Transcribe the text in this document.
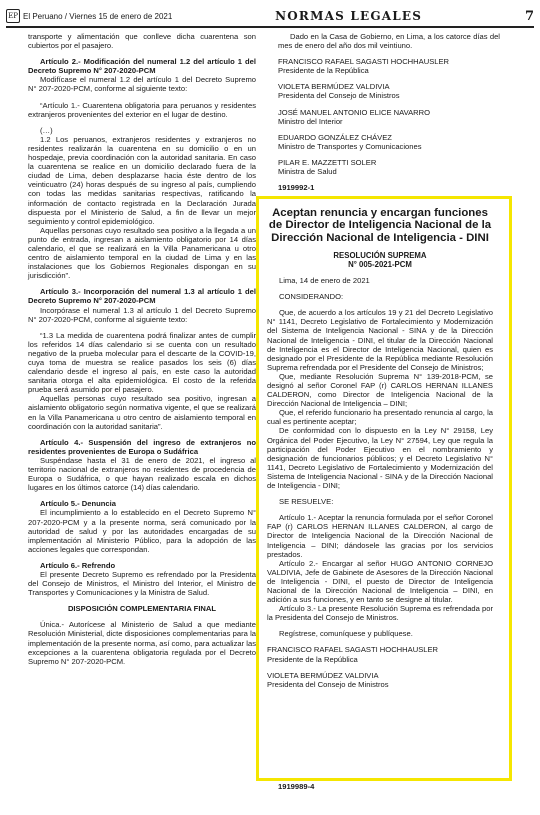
EP El Peruano / Viernes 15 de enero de 2021	NORMAS LEGALES	7

transporte y alimentación que conlleve dicha cuarentena son cubiertos por el pasajero.

Artículo 2.- Modificación del numeral 1.2 del artículo 1 del Decreto Supremo N° 207-2020-PCM

Modifícase el numeral 1.2 del artículo 1 del Decreto Supremo N° 207-2020-PCM, conforme al siguiente texto:

“Artículo 1.- Cuarentena obligatoria para peruanos y residentes extranjeros provenientes del exterior en el lugar de destino.

(…)

1.2 Los peruanos, extranjeros residentes y extranjeros no residentes realizarán la cuarentena en su domicilio o en un hospedaje, previa coordinación con la autoridad sanitaria. En caso la cuarentena se realice en un domicilio declarado fuera de la ciudad de Lima, deben desplazarse hacia éste dentro de los veinticuatro (24) horas después de su ingreso al país, cumpliendo con todas las medidas sanitarias respectivas, ratificando la información de contacto registrada en la Declaración Jurada dispuesta por el Ministerio de Salud, a fin de llevar un mejor seguimiento y control epidemiológico.

Aquellas personas cuyo resultado sea positivo a la llegada a un punto de entrada, ingresan a aislamiento obligatorio por 14 días calendario, el que se realizará en la Villa Panamericana u otro centro de aislamiento temporal en la ciudad de Lima y en las instalaciones que los Gobiernos Regionales dispongan en su jurisdicción”.

Artículo 3.- Incorporación del numeral 1.3 al artículo 1 del Decreto Supremo N° 207-2020-PCM

Incorpórase el numeral 1.3 al artículo 1 del Decreto Supremo N° 207-2020-PCM, conforme al siguiente texto:

“1.3 La medida de cuarentena podrá finalizar antes de cumplir los referidos 14 días calendario si se cuenta con un resultado negativo de la prueba molecular para el descarte de la COVID-19, cuya toma de muestra se realice pasados los seis (6) días calendario desde el ingreso al país, en este caso la autoridad sanitaria otorga el alta epidemiológica. El costo de la referida prueba será asumido por el pasajero.

Aquellas personas cuyo resultado sea positivo, ingresan a aislamiento obligatorio según normativa vigente, el que se realizará en la Villa Panamericana u otro centro de aislamiento temporal en coordinación con la autoridad sanitaria”.

Artículo 4.- Suspensión del ingreso de extranjeros no residentes provenientes de Europa o Sudáfrica

Suspéndase hasta el 31 de enero de 2021, el ingreso al territorio nacional de extranjeros no residentes de procedencia de Europa o Sudáfrica, o que hayan realizado escala en dichos lugares en los últimos catorce (14) días calendario.

Artículo 5.- Denuncia

El incumplimiento a lo establecido en el Decreto Supremo N° 207-2020-PCM y a la presente norma, será comunicado por la autoridad de salud y por las autoridades encargadas de su implementación al Ministerio Público, para la adopción de las acciones legales que correspondan.

Artículo 6.- Refrendo

El presente Decreto Supremo es refrendado por la Presidenta del Consejo de Ministros, el Ministro del Interior, el Ministro de Transportes y Comunicaciones y la Ministra de Salud.

DISPOSICIÓN COMPLEMENTARIA FINAL

Única.- Autorícese al Ministerio de Salud a que mediante Resolución Ministerial, dicte disposiciones complementarias para la implementación de la presente norma, así como, para actualizar las excepciones a la cuarentena obligatoria regulada por el Decreto Supremo N° 207-2020-PCM.

Dado en la Casa de Gobierno, en Lima, a los catorce días del mes de enero del año dos mil veintiuno.

FRANCISCO RAFAEL SAGASTI HOCHHAUSLER

Presidente de la República

VIOLETA BERMÚDEZ VALDIVIA

Presidenta del Consejo de Ministros

JOSÉ MANUEL ANTONIO ELICE NAVARRO

Ministro del Interior

EDUARDO GONZÁLEZ CHÁVEZ

Ministro de Transportes y Comunicaciones

PILAR E. MAZZETTI SOLER

Ministra de Salud

1919992-1

Aceptan renuncia y encargan funciones de Director de Inteligencia Nacional de la Dirección Nacional de Inteligencia - DINI

RESOLUCIÓN SUPREMA

N° 005-2021-PCM

Lima, 14 de enero de 2021

CONSIDERANDO:

Que, de acuerdo a los artículos 19 y 21 del Decreto Legislativo N° 1141, Decreto Legislativo de Fortalecimiento y Modernización del Sistema de Inteligencia Nacional - SINA y de la Dirección Nacional de Inteligencia - DINI, el titular de la Dirección Nacional de Inteligencia es el Director de Inteligencia Nacional, quien es designado por el Presidente de la República mediante Resolución Suprema refrendada por el Presidente del Consejo de Ministros;

Que, mediante Resolución Suprema N° 139-2018-PCM, se designó al señor Coronel FAP (r) CARLOS HERNAN ILLANES CALDERON, como Director de Inteligencia Nacional de la Dirección Nacional de Inteligencia – DINI;

Que, el referido funcionario ha presentado renuncia al cargo, la cual es pertinente aceptar;

De conformidad con lo dispuesto en la Ley N° 29158, Ley Orgánica del Poder Ejecutivo, la Ley N° 27594, Ley que regula la participación del Poder Ejecutivo en el nombramiento y designación de funcionarios públicos; y el Decreto Legislativo N° 1141, Decreto Legislativo de Fortalecimiento y Modernización del Sistema de Inteligencia Nacional - SINA y de la Dirección Nacional de Inteligencia - DINI;

SE RESUELVE:

Artículo 1.- Aceptar la renuncia formulada por el señor Coronel FAP (r) CARLOS HERNAN ILLANES CALDERON, al cargo de Director de Inteligencia Nacional de la Dirección Nacional de Inteligencia – DINI; dándosele las gracias por los servicios prestados.

Artículo 2.- Encargar al señor HUGO ANTONIO CORNEJO VALDIVIA, Jefe de Gabinete de Asesores de la Dirección Nacional de Inteligencia - DINI, el puesto de Director de Inteligencia Nacional de la Dirección Nacional de Inteligencia – DINI, en adición a sus funciones, y en tanto se designe al titular.

Artículo 3.- La presente Resolución Suprema es refrendada por la Presidenta del Consejo de Ministros.

Regístrese, comuníquese y publíquese.

FRANCISCO RAFAEL SAGASTI HOCHHAUSLER

Presidente de la República

VIOLETA BERMÚDEZ VALDIVIA

Presidenta del Consejo de Ministros

1919989-4
